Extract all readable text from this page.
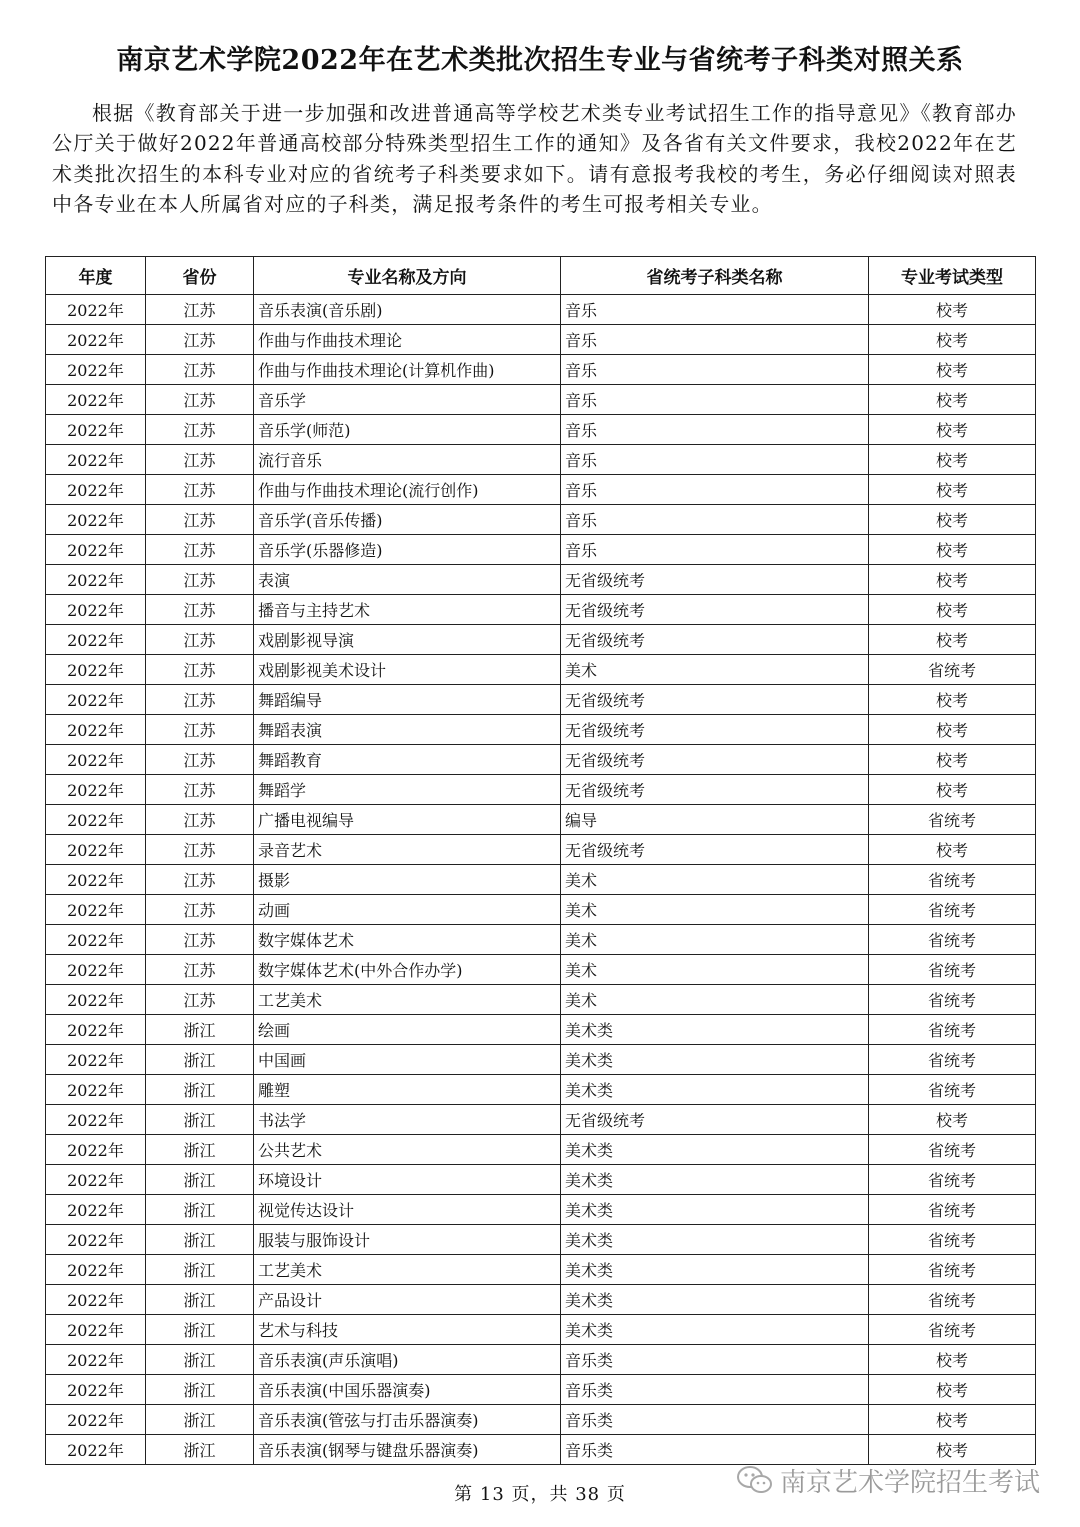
南京艺术学院2022年在艺术类批次招生专业与省统考子科类对照关系
根据《教育部关于进一步加强和改进普通高等学校艺术类专业考试招生工作的指导意见》《教育部办公厅关于做好2022年普通高校部分特殊类型招生工作的通知》及各省有关文件要求，我校2022年在艺术类批次招生的本科专业对应的省统考子科类要求如下。请有意报考我校的考生，务必仔细阅读对照表中各专业在本人所属省对应的子科类，满足报考条件的考生可报考相关专业。
年度	省份	专业名称及方向	省统考子科类名称	专业考试类型
2022年	江苏	音乐表演(音乐剧)	音乐	校考
2022年	江苏	作曲与作曲技术理论	音乐	校考
2022年	江苏	作曲与作曲技术理论(计算机作曲)	音乐	校考
2022年	江苏	音乐学	音乐	校考
2022年	江苏	音乐学(师范)	音乐	校考
2022年	江苏	流行音乐	音乐	校考
2022年	江苏	作曲与作曲技术理论(流行创作)	音乐	校考
2022年	江苏	音乐学(音乐传播)	音乐	校考
2022年	江苏	音乐学(乐器修造)	音乐	校考
2022年	江苏	表演	无省级统考	校考
2022年	江苏	播音与主持艺术	无省级统考	校考
2022年	江苏	戏剧影视导演	无省级统考	校考
2022年	江苏	戏剧影视美术设计	美术	省统考
2022年	江苏	舞蹈编导	无省级统考	校考
2022年	江苏	舞蹈表演	无省级统考	校考
2022年	江苏	舞蹈教育	无省级统考	校考
2022年	江苏	舞蹈学	无省级统考	校考
2022年	江苏	广播电视编导	编导	省统考
2022年	江苏	录音艺术	无省级统考	校考
2022年	江苏	摄影	美术	省统考
2022年	江苏	动画	美术	省统考
2022年	江苏	数字媒体艺术	美术	省统考
2022年	江苏	数字媒体艺术(中外合作办学)	美术	省统考
2022年	江苏	工艺美术	美术	省统考
2022年	浙江	绘画	美术类	省统考
2022年	浙江	中国画	美术类	省统考
2022年	浙江	雕塑	美术类	省统考
2022年	浙江	书法学	无省级统考	校考
2022年	浙江	公共艺术	美术类	省统考
2022年	浙江	环境设计	美术类	省统考
2022年	浙江	视觉传达设计	美术类	省统考
2022年	浙江	服装与服饰设计	美术类	省统考
2022年	浙江	工艺美术	美术类	省统考
2022年	浙江	产品设计	美术类	省统考
2022年	浙江	艺术与科技	美术类	省统考
2022年	浙江	音乐表演(声乐演唱)	音乐类	校考
2022年	浙江	音乐表演(中国乐器演奏)	音乐类	校考
2022年	浙江	音乐表演(管弦与打击乐器演奏)	音乐类	校考
2022年	浙江	音乐表演(钢琴与键盘乐器演奏)	音乐类	校考
第 13 页，共 38 页	南京艺术学院招生考试
